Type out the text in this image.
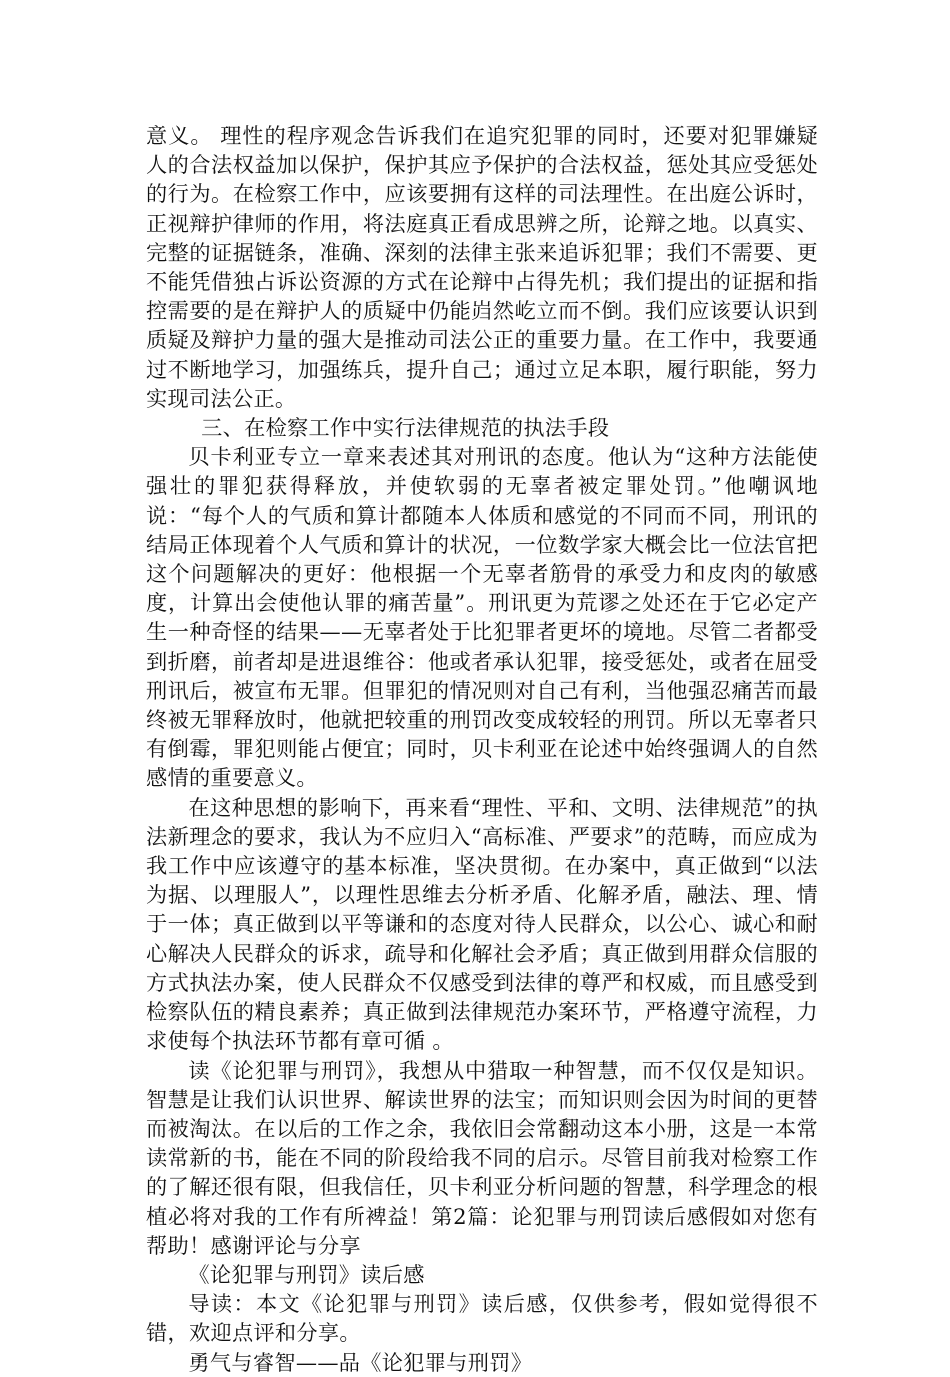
意义。 理性的程序观念告诉我们在追究犯罪的同时，还要对犯罪嫌疑人的合法权益加以保护，保护其应予保护的合法权益，惩处其应受惩处的行为。在检察工作中，应该要拥有这样的司法理性。在出庭公诉时，正视辩护律师的作用，将法庭真正看成思辨之所，论辩之地。以真实、完整的证据链条，准确、深刻的法律主张来追诉犯罪；我们不需要、更不能凭借独占诉讼资源的方式在论辩中占得先机；我们提出的证据和指控需要的是在辩护人的质疑中仍能岿然屹立而不倒。我们应该要认识到质疑及辩护力量的强大是推动司法公正的重要力量。在工作中，我要通过不断地学习，加强练兵，提升自己；通过立足本职，履行职能，努力实现司法公正。

三、在检察工作中实行法律规范的执法手段

贝卡利亚专立一章来表述其对刑讯的态度。他认为“这种方法能使强壮的罪犯获得释放，并使软弱的无辜者被定罪处罚。”他嘲讽地说：“每个人的气质和算计都随本人体质和感觉的不同而不同，刑讯的结局正体现着个人气质和算计的状况，一位数学家大概会比一位法官把这个问题解决的更好：他根据一个无辜者筋骨的承受力和皮肉的敏感度，计算出会使他认罪的痛苦量”。刑讯更为荒谬之处还在于它必定产生一种奇怪的结果——无辜者处于比犯罪者更坏的境地。尽管二者都受到折磨，前者却是进退维谷：他或者承认犯罪，接受惩处，或者在屈受刑讯后，被宣布无罪。但罪犯的情况则对自己有利，当他强忍痛苦而最终被无罪释放时，他就把较重的刑罚改变成较轻的刑罚。所以无辜者只有倒霉，罪犯则能占便宜；同时，贝卡利亚在论述中始终强调人的自然感情的重要意义。

在这种思想的影响下，再来看“理性、平和、文明、法律规范”的执法新理念的要求，我认为不应归入“高标准、严要求”的范畴，而应成为我工作中应该遵守的基本标准，坚决贯彻。在办案中，真正做到“以法为据、以理服人”，以理性思维去分析矛盾、化解矛盾，融法、理、情于一体；真正做到以平等谦和的态度对待人民群众，以公心、诚心和耐心解决人民群众的诉求，疏导和化解社会矛盾；真正做到用群众信服的方式执法办案，使人民群众不仅感受到法律的尊严和权威，而且感受到检察队伍的精良素养；真正做到法律规范办案环节，严格遵守流程，力求使每个执法环节都有章可循 。

读《论犯罪与刑罚》，我想从中猎取一种智慧，而不仅仅是知识。智慧是让我们认识世界、解读世界的法宝；而知识则会因为时间的更替而被淘汰。在以后的工作之余，我依旧会常翻动这本小册，这是一本常读常新的书，能在不同的阶段给我不同的启示。尽管目前我对检察工作的了解还很有限，但我信任，贝卡利亚分析问题的智慧，科学理念的根植必将对我的工作有所裨益！第2篇：论犯罪与刑罚读后感假如对您有帮助！感谢评论与分享

《论犯罪与刑罚》读后感

导读：本文《论犯罪与刑罚》读后感，仅供参考，假如觉得很不错，欢迎点评和分享。

勇气与睿智——品《论犯罪与刑罚》
